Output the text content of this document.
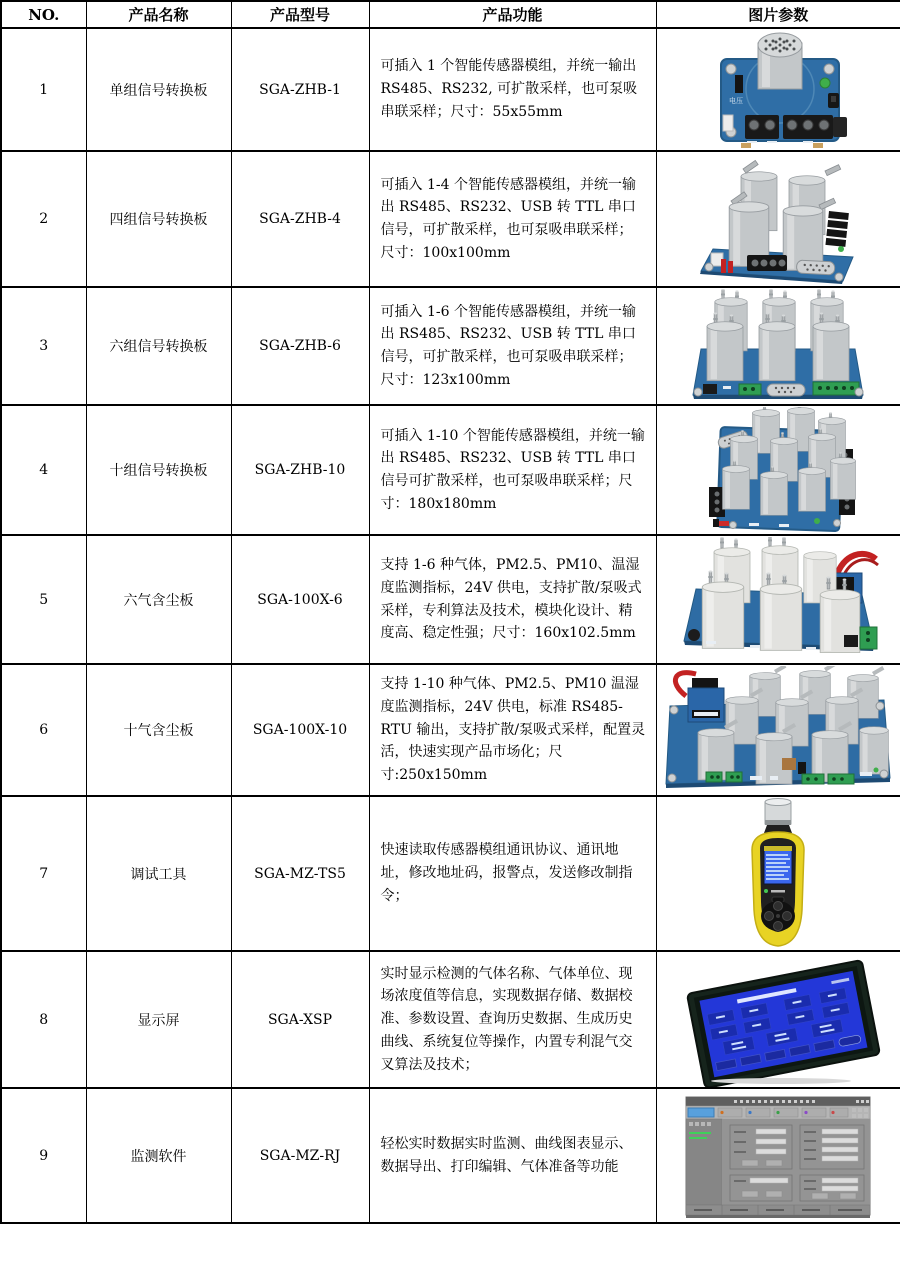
NO.	产品名称	产品型号	产品功能	图片参数
1	单组信号转换板	SGA-ZHB-1	可插入 1 个智能传感器模组，并统一输出 RS485、RS232, 可扩散采样，也可泵吸串联采样；尺寸：55x55mm	电压

2	四组信号转换板	SGA-ZHB-4	可插入 1-4 个智能传感器模组，并统一输出 RS485、RS232、USB 转 TTL 串口信号，可扩散采样，也可泵吸串联采样；尺寸：100x100mm

3	六组信号转换板	SGA-ZHB-6	可插入 1-6 个智能传感器模组，并统一输出 RS485、RS232、USB 转 TTL 串口信号，可扩散采样，也可泵吸串联采样；尺寸：123x100mm

4	十组信号转换板	SGA-ZHB-10	可插入 1-10 个智能传感器模组，并统一输出 RS485、RS232、USB 转 TTL 串口信号可扩散采样，也可泵吸串联采样；尺寸：180x180mm

5	六气含尘板	SGA-100X-6	支持 1-6 种气体，PM2.5、PM10、温湿度监测指标，24V 供电，支持扩散/泵吸式采样，专利算法及技术，模块化设计、精度高、稳定性强；尺寸：160x102.5mm

6	十气含尘板	SGA-100X-10	支持 1-10 种气体、PM2.5、PM10 温湿度监测指标，24V 供电，标准 RS485-RTU 输出，支持扩散/泵吸式采样，配置灵活，快速实现产品市场化；尺寸:250x150mm

7	调试工具	SGA-MZ-TS5	快速读取传感器模组通讯协议、通讯地址，修改地址码，报警点，发送修改制指令；

8	显示屏	SGA-XSP	实时显示检测的气体名称、气体单位、现场浓度值等信息，实现数据存储、数据校准、参数设置、查询历史数据、生成历史曲线、系统复位等操作，内置专利混气交叉算法及技术；

9	监测软件	SGA-MZ-RJ	轻松实时数据实时监测、曲线图表显示、数据导出、打印编辑、气体准备等功能
